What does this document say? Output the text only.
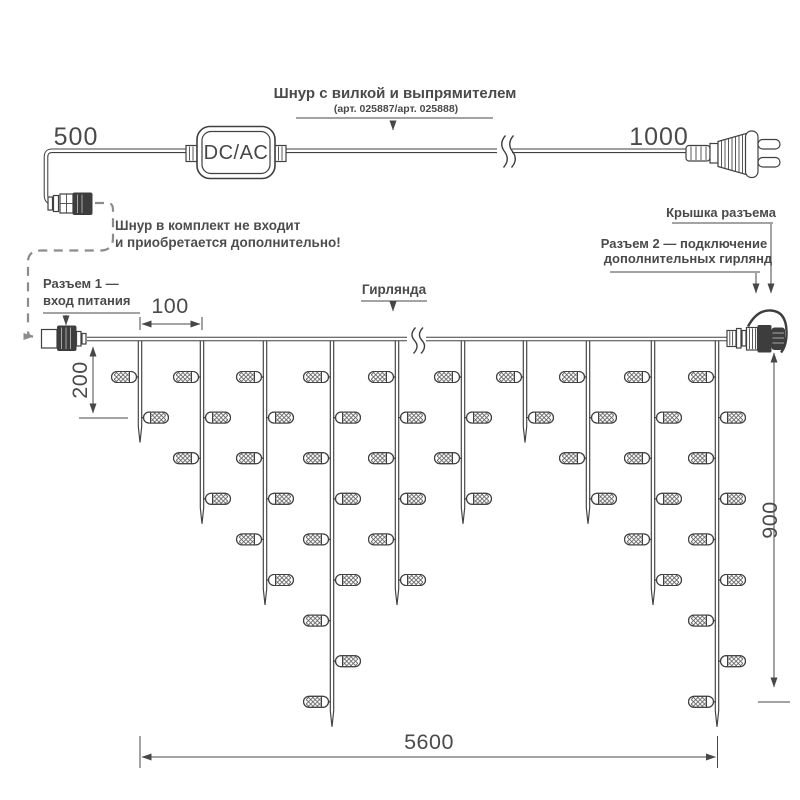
DC/AC
500	1000
Шнур с вилкой и выпрямителем
(арт. 025887/арт. 025888)
Шнур в комплект не входит
и приобретается дополнительно!
Гирлянда
Разъем 1 —
вход питания
Крышка разъема
Разъем 2 — подключение
дополнительных гирлянд
100
200
900
5600
